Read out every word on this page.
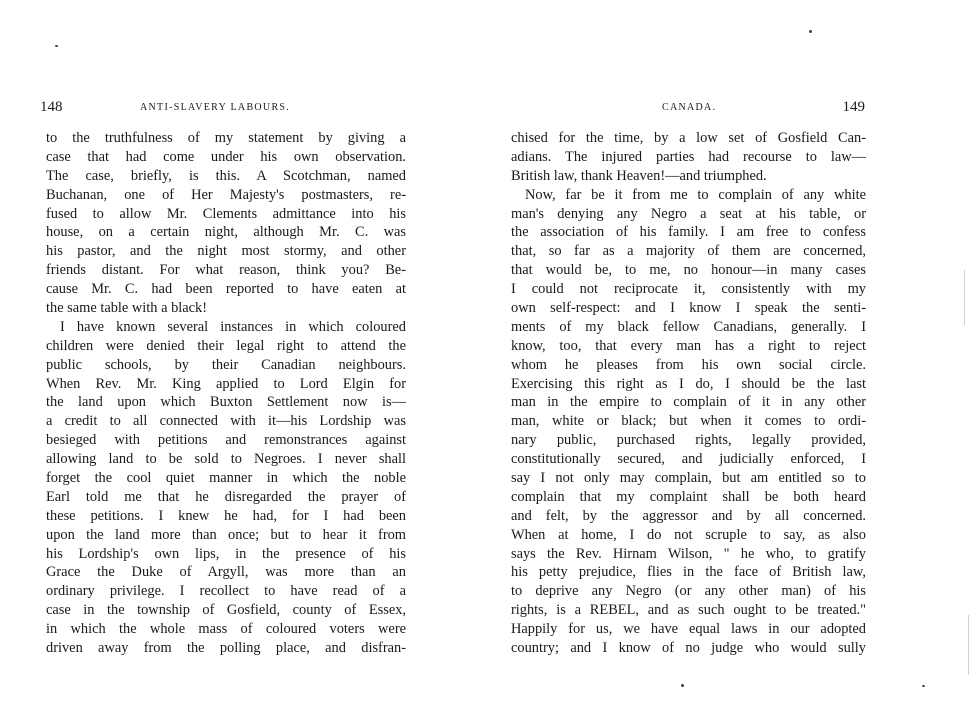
148	ANTI-SLAVERY LABOURS.
to the truthfulness of my statement by giving a
case that had come under his own observation.
The case, briefly, is this. A Scotchman, named
Buchanan, one of Her Majesty's postmasters, re-
fused to allow Mr. Clements admittance into his
house, on a certain night, although Mr. C. was
his pastor, and the night most stormy, and other
friends distant. For what reason, think you? Be-
cause Mr. C. had been reported to have eaten at
the same table with a black!
I have known several instances in which coloured
children were denied their legal right to attend the
public schools, by their Canadian neighbours.
When Rev. Mr. King applied to Lord Elgin for
the land upon which Buxton Settlement now is—
a credit to all connected with it—his Lordship was
besieged with petitions and remonstrances against
allowing land to be sold to Negroes. I never shall
forget the cool quiet manner in which the noble
Earl told me that he disregarded the prayer of
these petitions. I knew he had, for I had been
upon the land more than once; but to hear it from
his Lordship's own lips, in the presence of his
Grace the Duke of Argyll, was more than an
ordinary privilege. I recollect to have read of a
case in the township of Gosfield, county of Essex,
in which the whole mass of coloured voters were
driven away from the polling place, and disfran-
CANADA.	149
chised for the time, by a low set of Gosfield Can-
adians. The injured parties had recourse to law—
British law, thank Heaven!—and triumphed.
Now, far be it from me to complain of any white
man's denying any Negro a seat at his table, or
the association of his family. I am free to confess
that, so far as a majority of them are concerned,
that would be, to me, no honour—in many cases
I could not reciprocate it, consistently with my
own self-respect: and I know I speak the senti-
ments of my black fellow Canadians, generally. I
know, too, that every man has a right to reject
whom he pleases from his own social circle.
Exercising this right as I do, I should be the last
man in the empire to complain of it in any other
man, white or black; but when it comes to ordi-
nary public, purchased rights, legally provided,
constitutionally secured, and judicially enforced, I
say I not only may complain, but am entitled so to
complain that my complaint shall be both heard
and felt, by the aggressor and by all concerned.
When at home, I do not scruple to say, as also
says the Rev. Hirnam Wilson, " he who, to gratify
his petty prejudice, flies in the face of British law,
to deprive any Negro (or any other man) of his
rights, is a REBEL, and as such ought to be treated."
Happily for us, we have equal laws in our adopted
country; and I know of no judge who would sully
